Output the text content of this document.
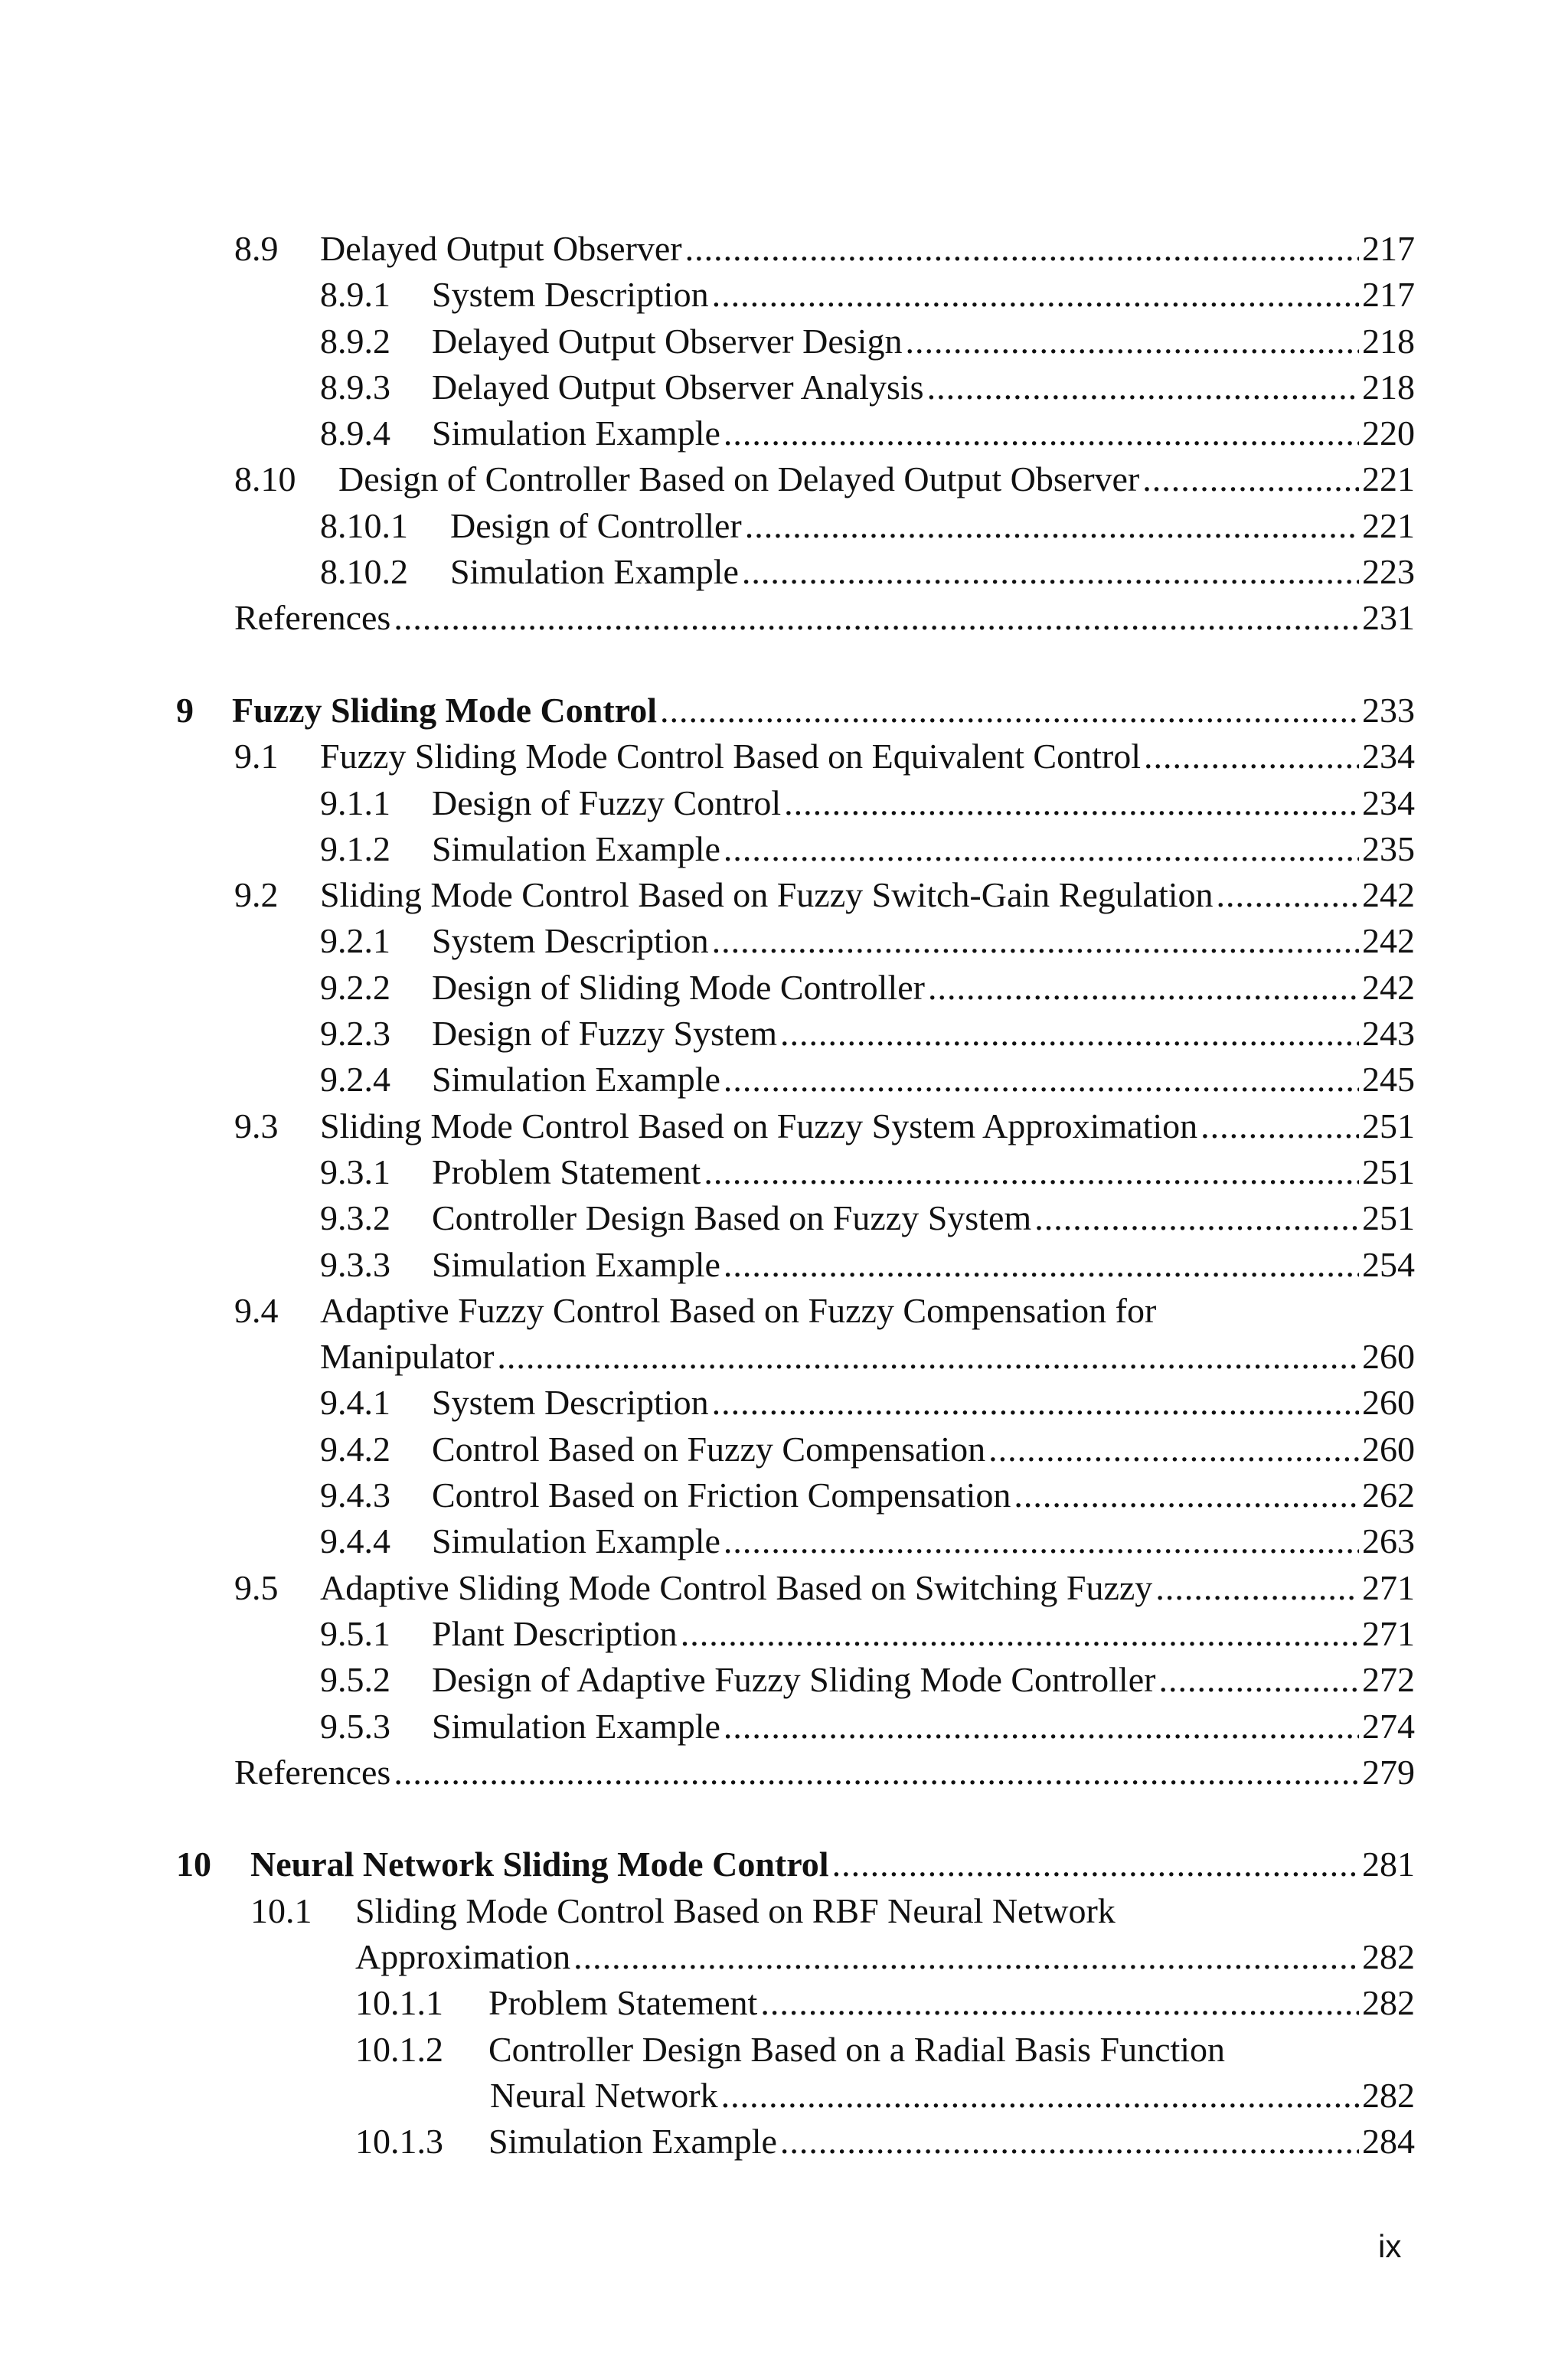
8.9 Delayed Output Observer .....	217
8.9.1 System Description .....	217
8.9.2 Delayed Output Observer Design .....	218
8.9.3 Delayed Output Observer Analysis .....	218
8.9.4 Simulation Example .....	220
8.10 Design of Controller Based on Delayed Output Observer .....	221
8.10.1 Design of Controller .....	221
8.10.2 Simulation Example .....	223
References .....	231
9 Fuzzy Sliding Mode Control .....	233
9.1 Fuzzy Sliding Mode Control Based on Equivalent Control .....	234
9.1.1 Design of Fuzzy Control .....	234
9.1.2 Simulation Example .....	235
9.2 Sliding Mode Control Based on Fuzzy Switch-Gain Regulation .....	242
9.2.1 System Description .....	242
9.2.2 Design of Sliding Mode Controller .....	242
9.2.3 Design of Fuzzy System .....	243
9.2.4 Simulation Example .....	245
9.3 Sliding Mode Control Based on Fuzzy System Approximation .....	251
9.3.1 Problem Statement .....	251
9.3.2 Controller Design Based on Fuzzy System .....	251
9.3.3 Simulation Example .....	254
9.4 Adaptive Fuzzy Control Based on Fuzzy Compensation for
Manipulator .....	260
9.4.1 System Description .....	260
9.4.2 Control Based on Fuzzy Compensation .....	260
9.4.3 Control Based on Friction Compensation .....	262
9.4.4 Simulation Example .....	263
9.5 Adaptive Sliding Mode Control Based on Switching Fuzzy .....	271
9.5.1 Plant Description .....	271
9.5.2 Design of Adaptive Fuzzy Sliding Mode Controller .....	272
9.5.3 Simulation Example .....	274
References .....	279
10 Neural Network Sliding Mode Control .....	281
10.1 Sliding Mode Control Based on RBF Neural Network
Approximation .....	282
10.1.1 Problem Statement .....	282
10.1.2 Controller Design Based on a Radial Basis Function
Neural Network .....	282
10.1.3 Simulation Example .....	284
ix
